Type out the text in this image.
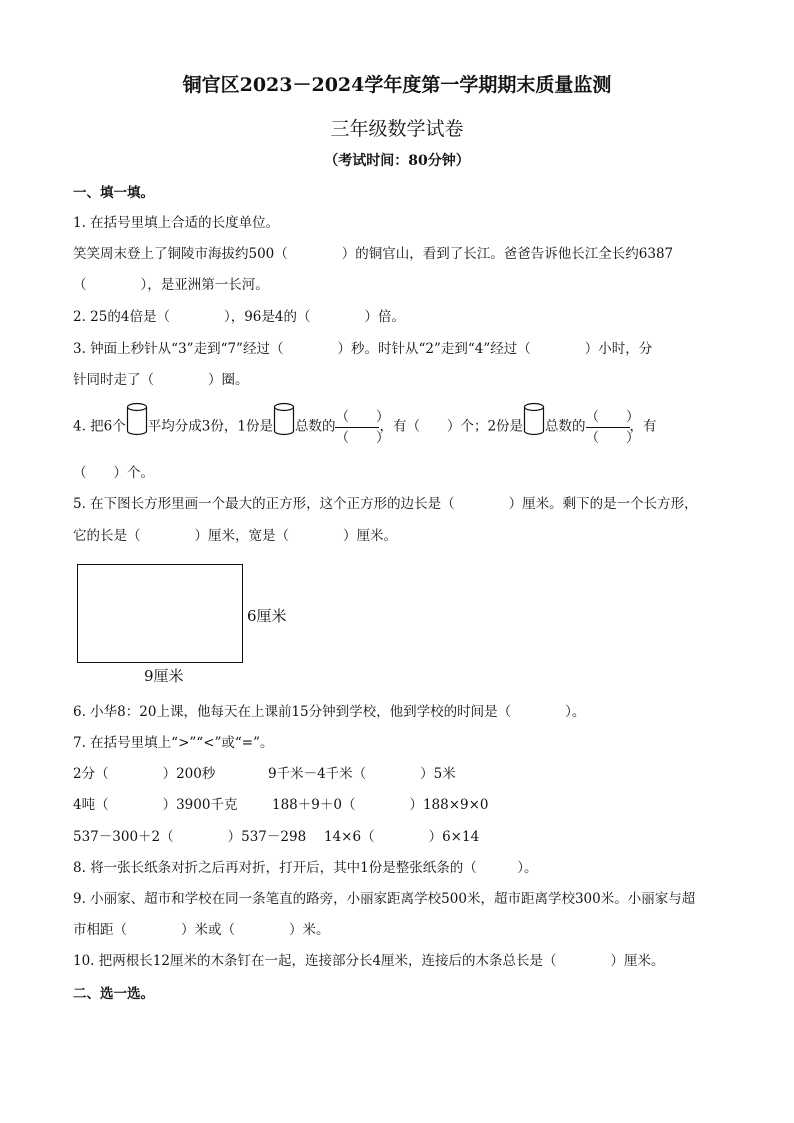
铜官区2023－2024学年度第一学期期末质量监测
三年级数学试卷
（考试时间：80分钟）
一、填一填。
1. 在括号里填上合适的长度单位。
笑笑周末登上了铜陵市海拔约500（　　　　）的铜官山，看到了长江。爸爸告诉他长江全长约6387
（　　　　），是亚洲第一长河。
2. 25的4倍是（　　　　），96是4的（　　　　）倍。
3. 钟面上秒针从“3”走到“7”经过（　　　　）秒。时针从“2”走到“4”经过（　　　　）小时，分
针同时走了（　　　　）圈。
4. 把6个 平均分成3份，1份是 总数的 $\frac{( )}{( )}$ ，有（　　）个；2份是 总数的 $\frac{( )}{( )}$ ，有
（　　）个。
5. 在下图长方形里画一个最大的正方形，这个正方形的边长是（　　　　）厘米。剩下的是一个长方形，
它的长是（　　　　）厘米，宽是（　　　　）厘米。
6厘米
9厘米
6. 小华8：20上课，他每天在上课前15分钟到学校，他到学校的时间是（　　　　）。
7. 在括号里填上“>”“<”或“=”。
2分（　　　　）200秒	9千米－4千米（　　　　）5米
4吨（　　　　）3900千克	188＋9＋0（　　　　）188×9×0
537－300＋2（　　　　）537－298 14×6（　　　　）6×14
8. 将一张长纸条对折之后再对折，打开后，其中1份是整张纸条的（　　　）。
9. 小丽家、超市和学校在同一条笔直的路旁，小丽家距离学校500米，超市距离学校300米。小丽家与超
市相距（　　　　）米或（　　　　）米。
10. 把两根长12厘米的木条钉在一起，连接部分长4厘米，连接后的木条总长是（　　　　）厘米。
二、选一选。
